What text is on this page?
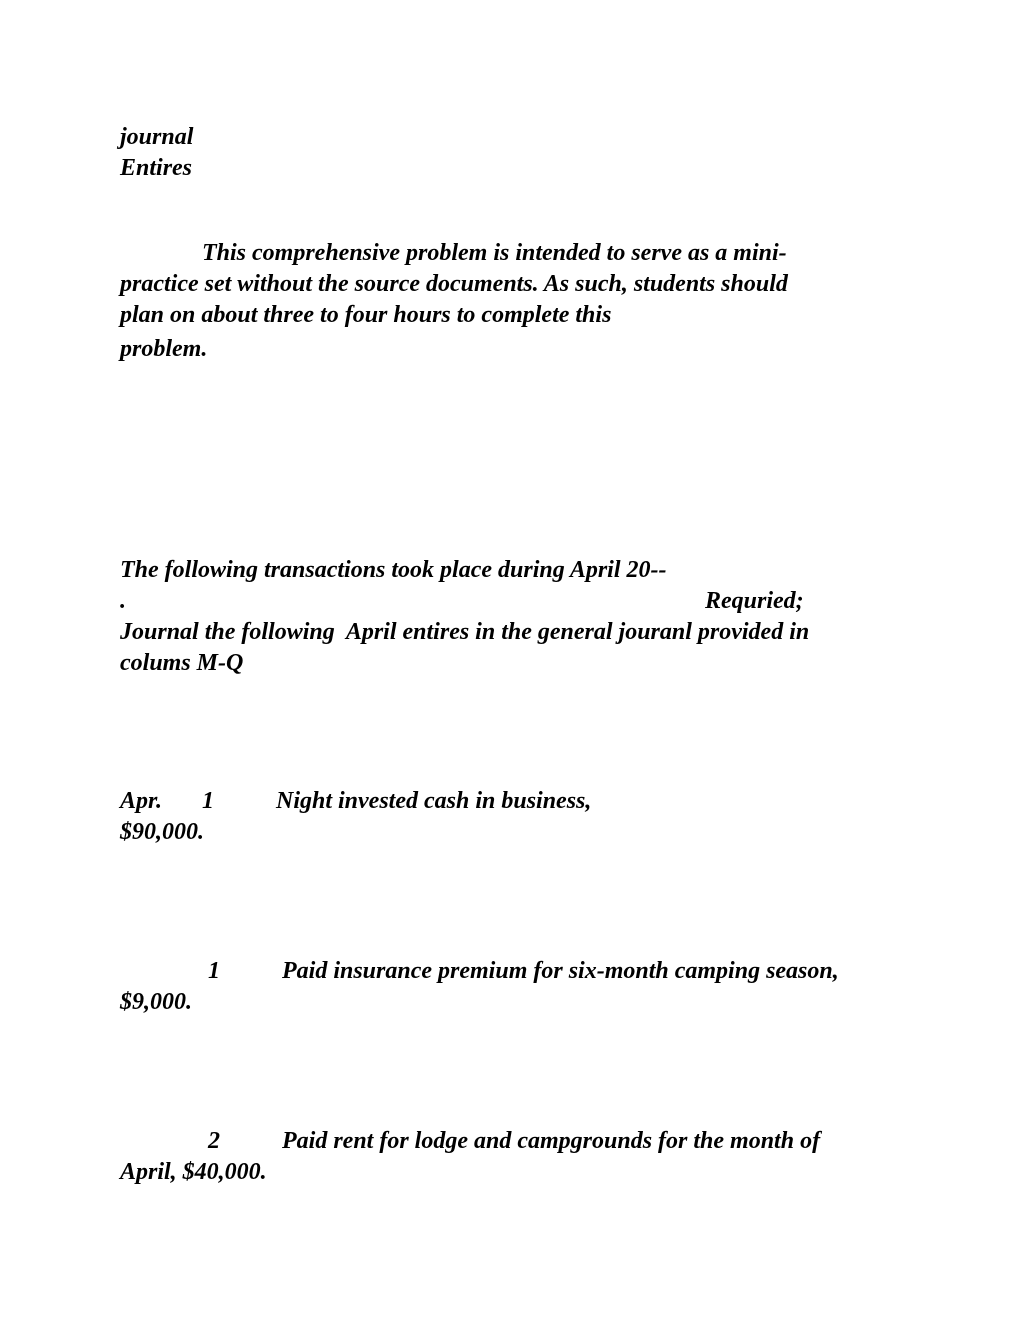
journal
Entires
This comprehensive problem is intended to serve as a mini-
practice set without the source documents. As such, students should
plan on about three to four hours to complete this
problem.
The following transactions took place during April 20--
.	Requried;
Journal the following  April entires in the general jouranl provided in
colums M-Q
Apr. 1	Night invested cash in business,
$90,000.
1	Paid insurance premium for six-month camping season,
$9,000.
2	Paid rent for lodge and campgrounds for the month of
April, $40,000.
